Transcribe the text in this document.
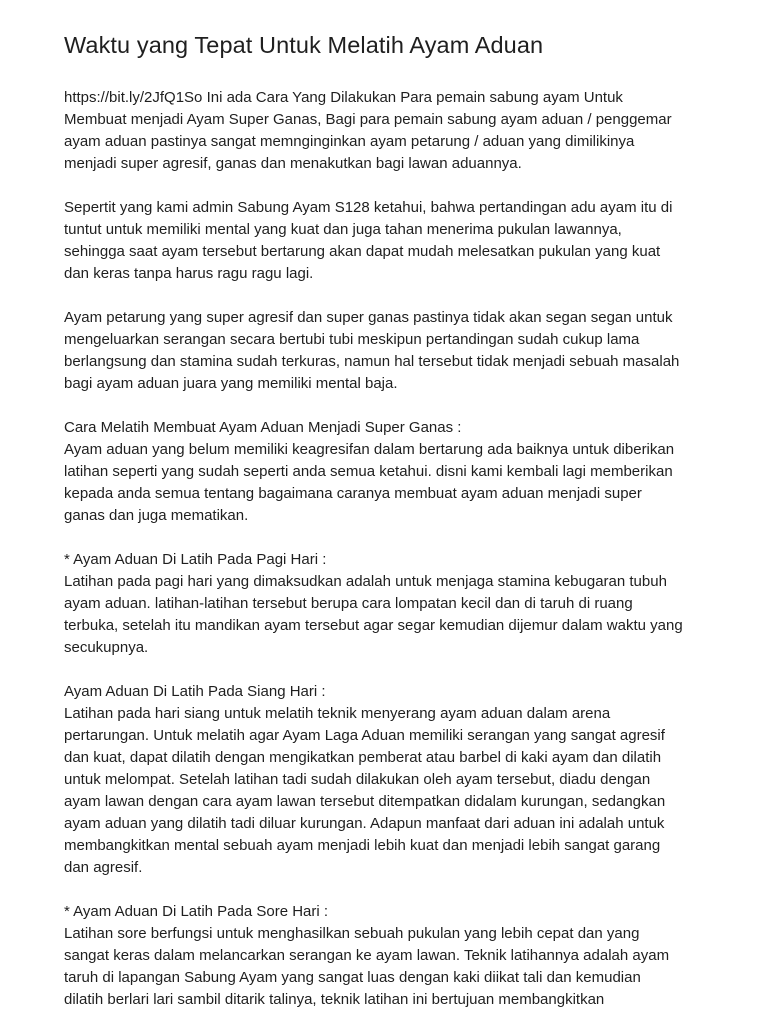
Waktu yang Tepat Untuk Melatih Ayam Aduan
https://bit.ly/2JfQ1So Ini ada Cara Yang Dilakukan Para pemain sabung ayam Untuk
Membuat menjadi Ayam Super Ganas, Bagi para pemain sabung ayam aduan / penggemar
ayam aduan pastinya sangat memnginginkan ayam petarung / aduan yang dimilikinya
menjadi super agresif, ganas dan menakutkan bagi lawan aduannya.
Sepertit yang kami admin Sabung Ayam S128 ketahui, bahwa pertandingan adu ayam itu di
tuntut untuk memiliki mental yang kuat dan juga tahan menerima pukulan lawannya,
sehingga saat ayam tersebut bertarung akan dapat mudah melesatkan pukulan yang kuat
dan keras tanpa harus ragu ragu lagi.
Ayam petarung yang super agresif dan super ganas pastinya tidak akan segan segan untuk
mengeluarkan serangan secara bertubi tubi meskipun pertandingan sudah cukup lama
berlangsung dan stamina sudah terkuras, namun hal tersebut tidak menjadi sebuah masalah
bagi ayam aduan juara yang memiliki mental baja.
Cara Melatih Membuat Ayam Aduan Menjadi Super Ganas :
Ayam aduan yang belum memiliki keagresifan dalam bertarung ada baiknya untuk diberikan
latihan seperti yang sudah seperti anda semua ketahui. disni kami kembali lagi memberikan
kepada anda semua tentang bagaimana caranya membuat ayam aduan menjadi super
ganas dan juga mematikan.
* Ayam Aduan Di Latih Pada Pagi Hari :
Latihan pada pagi hari yang dimaksudkan adalah untuk menjaga stamina kebugaran tubuh
ayam aduan. latihan-latihan tersebut berupa cara lompatan kecil dan di taruh di ruang
terbuka, setelah itu mandikan ayam tersebut agar segar kemudian dijemur dalam waktu yang
secukupnya.
Ayam Aduan Di Latih Pada Siang Hari :
Latihan pada hari siang untuk melatih teknik menyerang ayam aduan dalam arena
pertarungan. Untuk melatih agar Ayam Laga Aduan memiliki serangan yang sangat agresif
dan kuat, dapat dilatih dengan mengikatkan pemberat atau barbel di kaki ayam dan dilatih
untuk melompat. Setelah latihan tadi sudah dilakukan oleh ayam tersebut, diadu dengan
ayam lawan dengan cara ayam lawan tersebut ditempatkan didalam kurungan, sedangkan
ayam aduan yang dilatih tadi diluar kurungan. Adapun manfaat dari aduan ini adalah untuk
membangkitkan mental sebuah ayam menjadi lebih kuat dan menjadi lebih sangat garang
dan agresif.
* Ayam Aduan Di Latih Pada Sore Hari :
Latihan sore berfungsi untuk menghasilkan sebuah pukulan yang lebih cepat dan yang
sangat keras dalam melancarkan serangan ke ayam lawan. Teknik latihannya adalah ayam
taruh di lapangan Sabung Ayam yang sangat luas dengan kaki diikat tali dan kemudian
dilatih berlari lari sambil ditarik talinya, teknik latihan ini bertujuan membangkitkan
